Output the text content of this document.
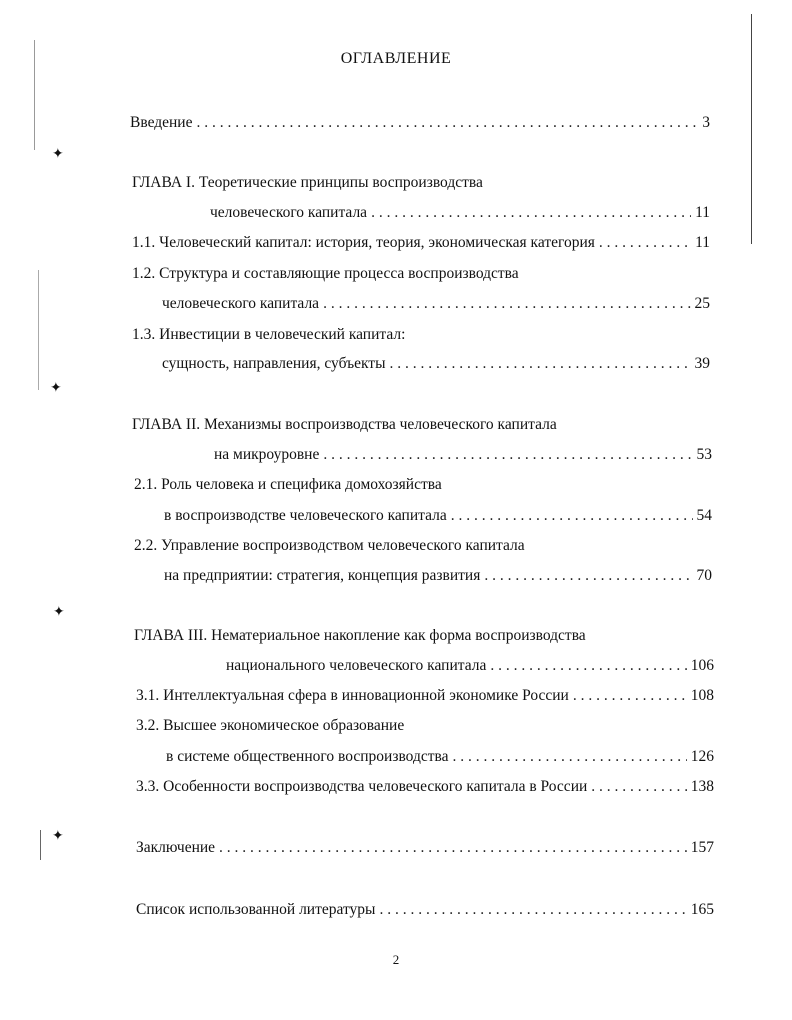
✦
✦
✦
✦
ОГЛАВЛЕНИЕ
Введение . . .	3
ГЛАВА I. Теоретические принципы воспроизводства
человеческого капитала . . .	11
1.1. Человеческий капитал: история, теория, экономическая категория . . .	11
1.2. Структура и составляющие процесса воспроизводства
человеческого капитала . . .	25
1.3. Инвестиции в человеческий капитал:
сущность, направления, субъекты . . .	39
ГЛАВА II. Механизмы воспроизводства человеческого капитала
на микроуровне . . .	53
2.1. Роль человека и специфика домохозяйства
в воспроизводстве человеческого капитала . . .	54
2.2. Управление воспроизводством человеческого капитала
на предприятии: стратегия, концепция развития . . .	70
ГЛАВА III. Нематериальное накопление как форма воспроизводства
национального человеческого капитала . . .	106
3.1. Интеллектуальная сфера в инновационной экономике России . . .	108
3.2. Высшее экономическое образование
в системе общественного воспроизводства . . .	126
3.3. Особенности воспроизводства человеческого капитала в России . . .	138
Заключение . . .	157
Список использованной литературы . . .	165
2
